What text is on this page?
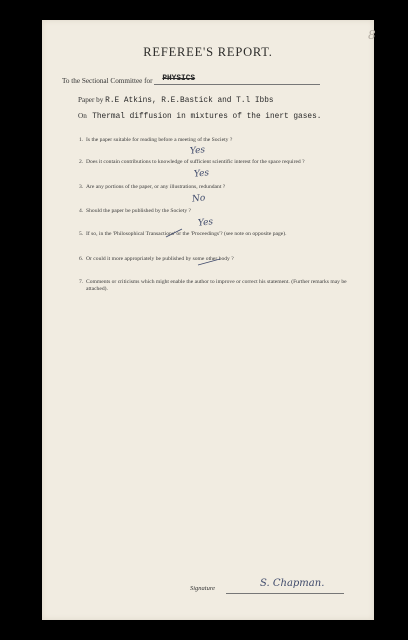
8
REFEREE'S REPORT.
To the Sectional Committee for PHYSICS
Paper by R.E Atkins, R.E.Bastick and T.l Ibbs
On Thermal diffusion in mixtures of the inert gases.
1. Is the paper suitable for reading before a meeting of the Society ?
2. Does it contain contributions to knowledge of sufficient scientific interest for the space required ?
3. Are any portions of the paper, or any illustrations, redundant ?
4. Should the paper be published by the Society ?
5. If so, in the 'Philosophical Transactions' or the 'Proceedings'? (see note on opposite page).
6. Or could it more appropriately be published by some other body ?
7. Comments or criticisms which might enable the author to improve or correct his statement. (Further remarks may be attached).
Yes
Yes
No
Yes
Signature	S. Chapman.
